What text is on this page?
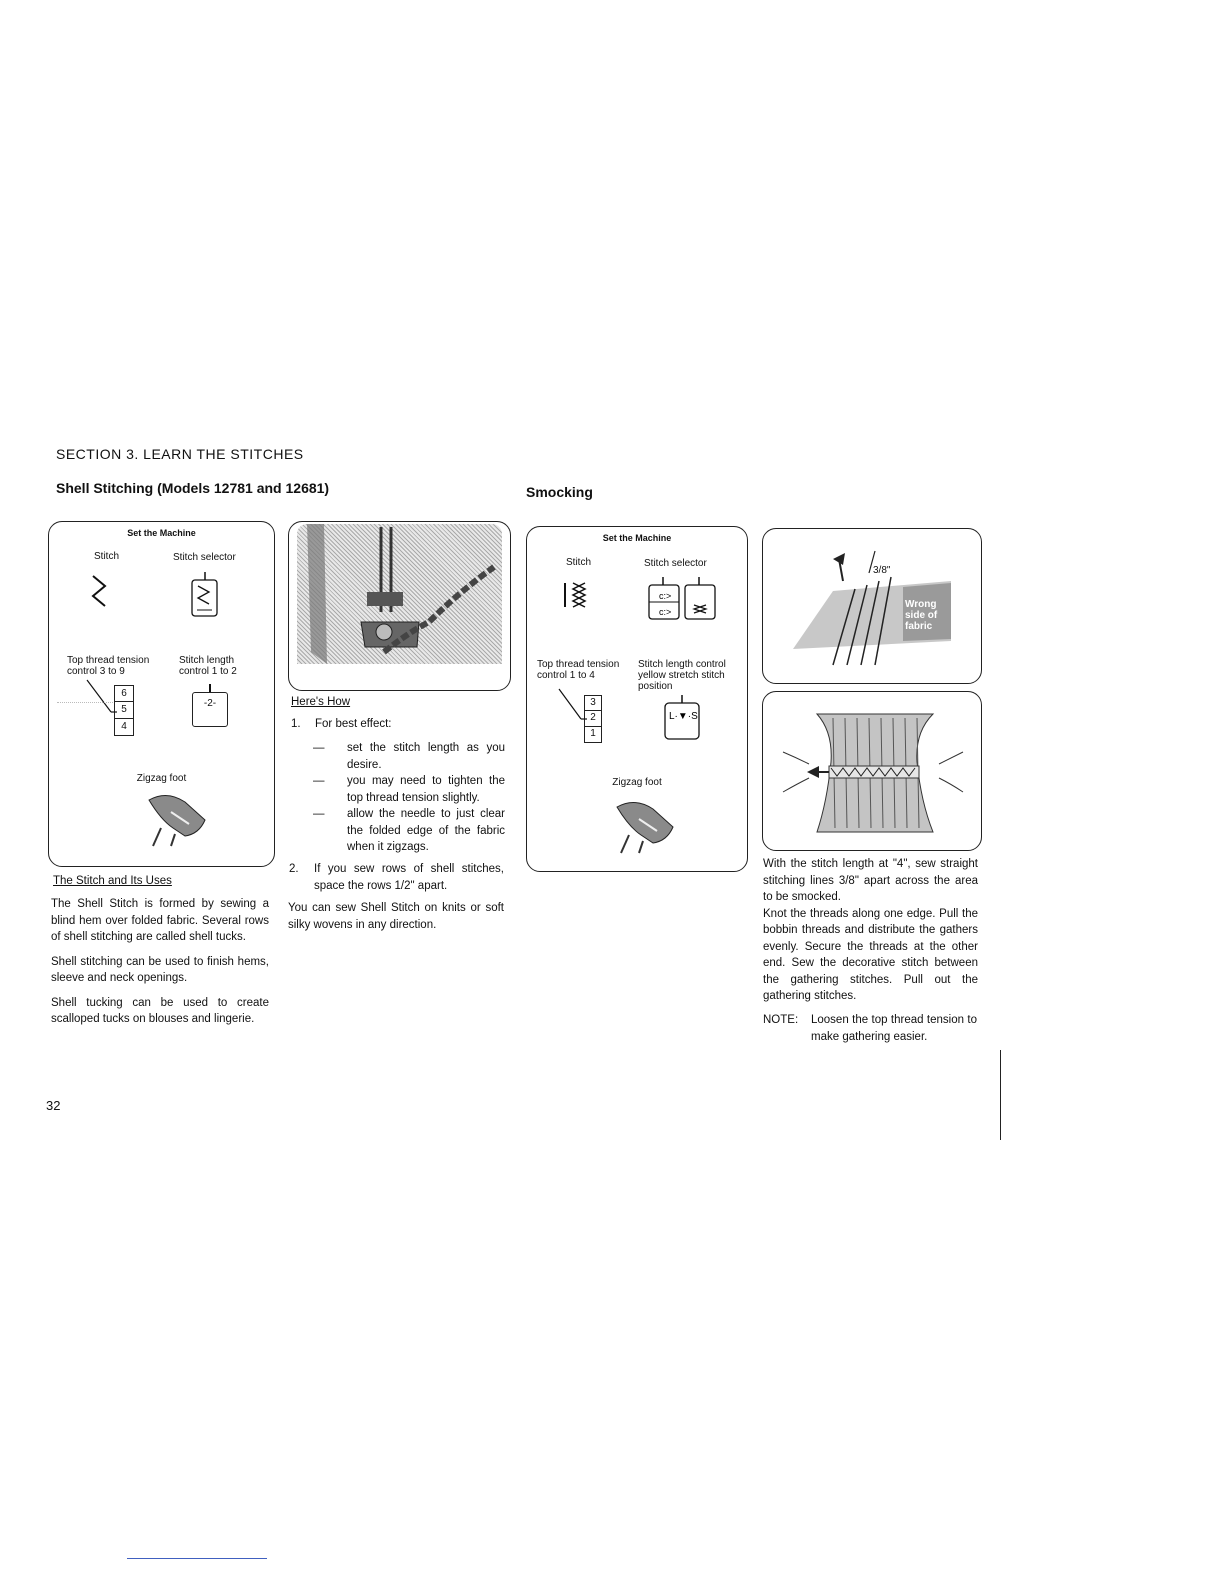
SECTION 3. LEARN THE STITCHES
Shell Stitching (Models 12781 and 12681)	Smocking
Set the Machine
Stitch	Stitch selector
Top thread tension
control 3 to 9
Stitch length
control 1 to 2
6
5
4
-2-
Zigzag foot
The Stitch and Its Uses

The Shell Stitch is formed by sewing a blind hem over folded fabric. Several rows of shell stitching are called shell tucks.

Shell stitching can be used to finish hems, sleeve and neck openings.

Shell tucking can be used to create scalloped tucks on blouses and lingerie.

Here's How
1. For best effect:
— set the stitch length as you desire.
— you may need to tighten the top thread tension slightly.
— allow the needle to just clear the folded edge of the fabric when it zigzags.
2. If you sew rows of shell stitches, space the rows 1/2" apart.
You can sew Shell Stitch on knits or soft silky wovens in any direction.
Set the Machine
Stitch	Stitch selector
c:>
c:>
Top thread tension
control 1 to 4
Stitch length control
yellow stretch stitch
position
3
2
1
L·▼·S
Zigzag foot
3/8"
Wrong
side of
fabric

With the stitch length at "4", sew straight stitching lines 3/8" apart across the area to be smocked.

Knot the threads along one edge. Pull the bobbin threads and distribute the gathers evenly. Secure the threads at the other end. Sew the decorative stitch between the gathering stitches. Pull out the gathering stitches.

NOTE: Loosen the top thread tension to make gathering easier.
32
